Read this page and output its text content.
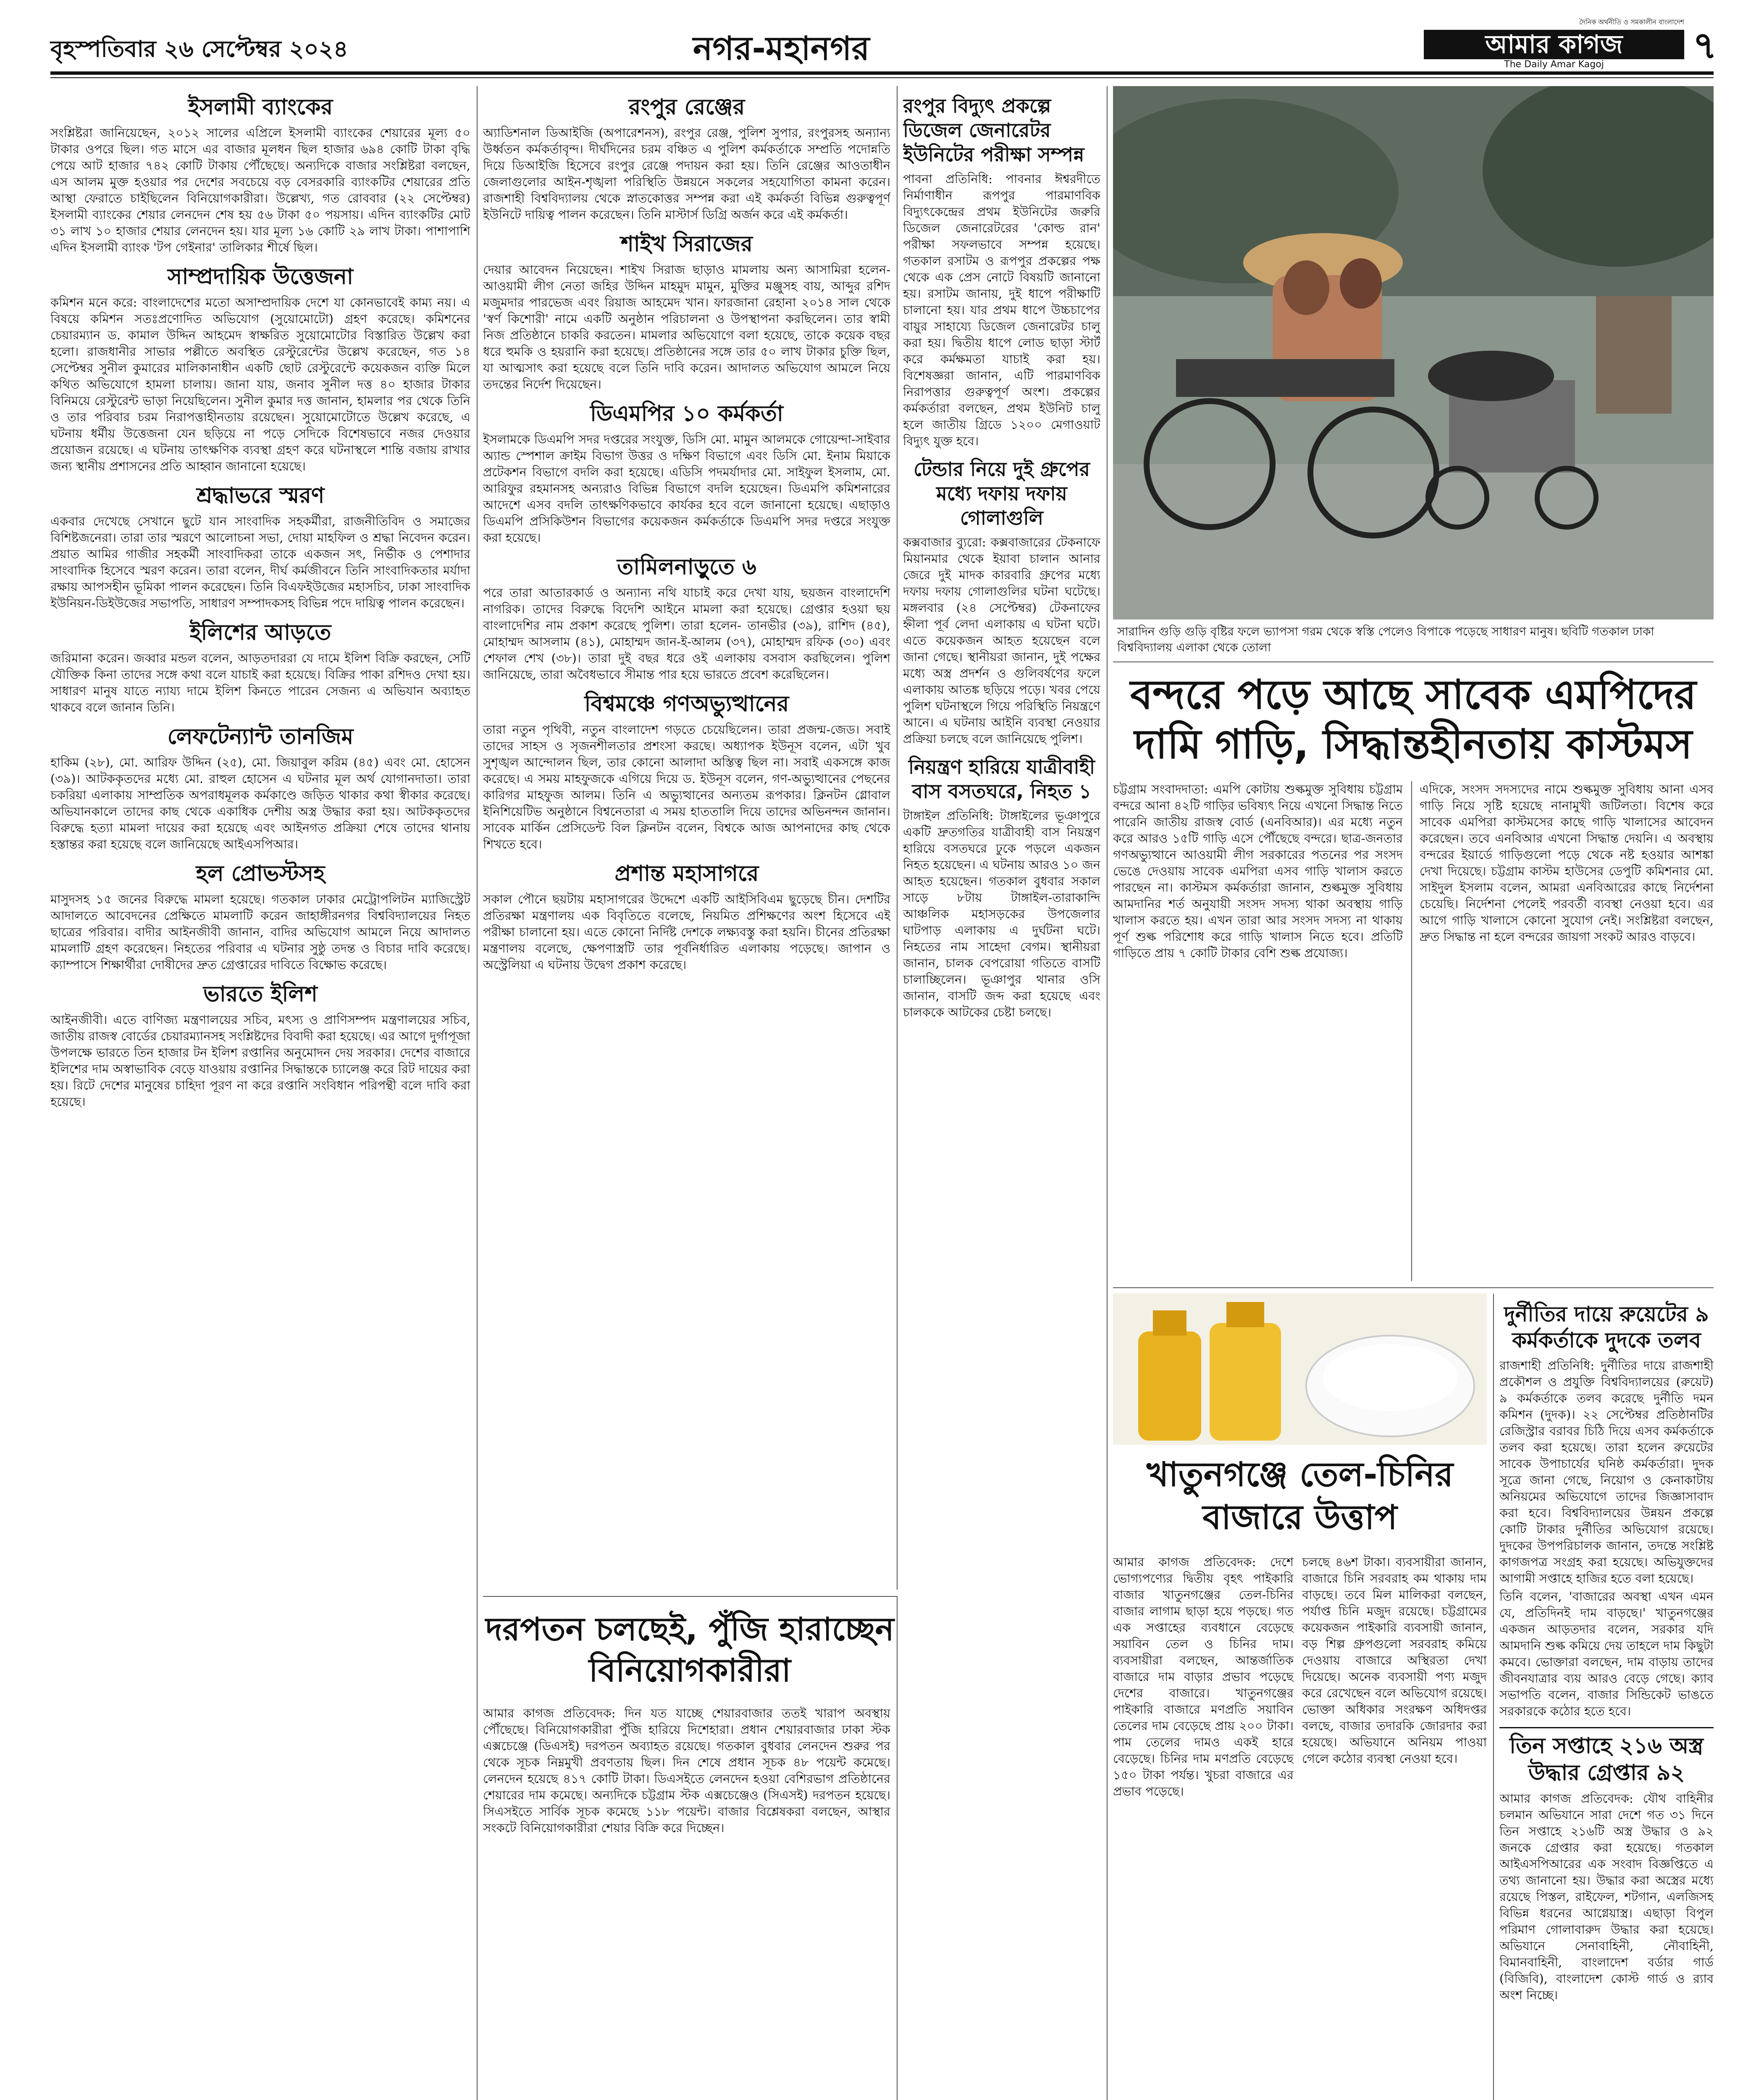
বৃহস্পতিবার ২৬ সেপ্টেম্বর ২০২৪	নগর-মহানগর
দৈনিক অর্থনীতি ও সমকালীন বাংলাদেশ
আমার কাগজ
The Daily Amar Kagoj	৭
ইসলামী ব্যাংকের

সংশ্লিষ্টরা জানিয়েছেন, ২০১২ সালের এপ্রিলে ইসলামী ব্যাংকের শেয়ারের মূল্য ৫০ টাকার ওপরে ছিল। গত মাসে এর বাজার মূলধন ছিল হাজার ৬৯৪ কোটি টাকা বৃদ্ধি পেয়ে আট হাজার ৭৪২ কোটি টাকায় পৌঁছেছে। অন্যদিকে বাজার সংশ্লিষ্টরা বলছেন, এস আলম মুক্ত হওয়ার পর দেশের সবচেয়ে বড় বেসরকারি ব্যাংকটির শেয়ারের প্রতি আস্থা ফেরাতে চাইছিলেন বিনিয়োগকারীরা। উল্লেখ্য, গত রোববার (২২ সেপ্টেম্বর) ইসলামী ব্যাংকের শেয়ার লেনদেন শেষ হয় ৫৬ টাকা ৫০ পয়সায়। এদিন ব্যাংকটির মোট ৩১ লাখ ১০ হাজার শেয়ার লেনদেন হয়। যার মূল্য ১৬ কোটি ২৯ লাখ টাকা। পাশাপাশি এদিন ইসলামী ব্যাংক 'টপ গেইনার' তালিকার শীর্ষে ছিল।

সাম্প্রদায়িক উত্তেজনা

কমিশন মনে করে: বাংলাদেশের মতো অসাম্প্রদায়িক দেশে যা কোনভাবেই কাম্য নয়। এ বিষয়ে কমিশন সতঃপ্রণোদিত অভিযোগ (সুয়োমোটো) গ্রহণ করেছে। কমিশনের চেয়ারম্যান ড. কামাল উদ্দিন আহমেদ স্বাক্ষরিত সুয়োমোটোর বিস্তারিত উল্লেখ করা হলো। রাজধানীর সাভার পল্লীতে অবস্থিত রেস্টুরেন্টের উল্লেখ করেছেন, গত ১৪ সেপ্টেম্বর সুনীল কুমারের মালিকানাধীন একটি ছোট রেস্টুরেন্টে কয়েকজন ব্যক্তি মিলে কথিত অভিযোগে হামলা চালায়। জানা যায়, জনাব সুনীল দত্ত ৪০ হাজার টাকার বিনিময়ে রেস্টুরেন্ট ভাড়া নিয়েছিলেন। সুনীল কুমার দত্ত জানান, হামলার পর থেকে তিনি ও তার পরিবার চরম নিরাপত্তাহীনতায় রয়েছেন। সুয়োমোটোতে উল্লেখ করেছে, এ ঘটনায় ধর্মীয় উত্তেজনা যেন ছড়িয়ে না পড়ে সেদিকে বিশেষভাবে নজর দেওয়ার প্রয়োজন রয়েছে। এ ঘটনায় তাৎক্ষণিক ব্যবস্থা গ্রহণ করে ঘটনাস্থলে শান্তি বজায় রাখার জন্য স্থানীয় প্রশাসনের প্রতি আহ্বান জানানো হয়েছে।

শ্রদ্ধাভরে স্মরণ

একবার দেখেছে সেখানে ছুটে যান সাংবাদিক সহকর্মীরা, রাজনীতিবিদ ও সমাজের বিশিষ্টজনেরা। তারা তার স্মরণে আলোচনা সভা, দোয়া মাহফিল ও শ্রদ্ধা নিবেদন করেন। প্রয়াত আমির গাজীর সহকর্মী সাংবাদিকরা তাকে একজন সৎ, নির্ভীক ও পেশাদার সাংবাদিক হিসেবে স্মরণ করেন। তারা বলেন, দীর্ঘ কর্মজীবনে তিনি সাংবাদিকতার মর্যাদা রক্ষায় আপসহীন ভূমিকা পালন করেছেন। তিনি বিএফইউজের মহাসচিব, ঢাকা সাংবাদিক ইউনিয়ন-ডিইউজের সভাপতি, সাধারণ সম্পাদকসহ বিভিন্ন পদে দায়িত্ব পালন করেছেন।

ইলিশের আড়তে

জরিমানা করেন। জব্বার মন্ডল বলেন, আড়তদাররা যে দামে ইলিশ বিক্রি করছেন, সেটি যৌক্তিক কিনা তাদের সঙ্গে কথা বলে যাচাই করা হয়েছে। বিক্রির পাকা রশিদও দেখা হয়। সাধারণ মানুষ যাতে ন্যায্য দামে ইলিশ কিনতে পারেন সেজন্য এ অভিযান অব্যাহত থাকবে বলে জানান তিনি।

লেফটেন্যান্ট তানজিম

হাকিম (২৮), মো. আরিফ উদ্দিন (২৫), মো. জিয়াবুল করিম (৪৫) এবং মো. হোসেন (৩৯)। আটককৃতদের মধ্যে মো. রাহুল হোসেন এ ঘটনার মূল অর্থ যোগানদাতা। তারা চকরিয়া এলাকায় সাম্প্রতিক অপরাধমূলক কর্মকাণ্ডে জড়িত থাকার কথা স্বীকার করেছে। অভিযানকালে তাদের কাছ থেকে একাধিক দেশীয় অস্ত্র উদ্ধার করা হয়। আটককৃতদের বিরুদ্ধে হত্যা মামলা দায়ের করা হয়েছে এবং আইনগত প্রক্রিয়া শেষে তাদের থানায় হস্তান্তর করা হয়েছে বলে জানিয়েছে আইএসপিআর।

হল প্রোভস্টসহ

মাসুদসহ ১৫ জনের বিরুদ্ধে মামলা হয়েছে। গতকাল ঢাকার মেট্রোপলিটন ম্যাজিস্ট্রেট আদালতে আবেদনের প্রেক্ষিতে মামলাটি করেন জাহাঙ্গীরনগর বিশ্ববিদ্যালয়ের নিহত ছাত্রের পরিবার। বাদীর আইনজীবী জানান, বাদির অভিযোগ আমলে নিয়ে আদালত মামলাটি গ্রহণ করেছেন। নিহতের পরিবার এ ঘটনার সুষ্ঠু তদন্ত ও বিচার দাবি করেছে। ক্যাম্পাসে শিক্ষার্থীরা দোষীদের দ্রুত গ্রেপ্তারের দাবিতে বিক্ষোভ করেছে।

ভারতে ইলিশ

আইনজীবী। এতে বাণিজ্য মন্ত্রণালয়ের সচিব, মৎস্য ও প্রাণিসম্পদ মন্ত্রণালয়ের সচিব, জাতীয় রাজস্ব বোর্ডের চেয়ারম্যানসহ সংশ্লিষ্টদের বিবাদী করা হয়েছে। এর আগে দুর্গাপূজা উপলক্ষে ভারতে তিন হাজার টন ইলিশ রপ্তানির অনুমোদন দেয় সরকার। দেশের বাজারে ইলিশের দাম অস্বাভাবিক বেড়ে যাওয়ায় রপ্তানির সিদ্ধান্তকে চ্যালেঞ্জ করে রিট দায়ের করা হয়। রিটে দেশের মানুষের চাহিদা পূরণ না করে রপ্তানি সংবিধান পরিপন্থী বলে দাবি করা হয়েছে।

রংপুর রেঞ্জের

অ্যাডিশনাল ডিআইজি (অপারেশনস), রংপুর রেঞ্জ, পুলিশ সুপার, রংপুরসহ অন্যান্য উর্ধ্বতন কর্মকর্তাবৃন্দ। দীর্ঘদিনের চরম বঞ্চিত এ পুলিশ কর্মকর্তাকে সম্প্রতি পদোন্নতি দিয়ে ডিআইজি হিসেবে রংপুর রেঞ্জে পদায়ন করা হয়। তিনি রেঞ্জের আওতাধীন জেলাগুলোর আইন-শৃঙ্খলা পরিস্থিতি উন্নয়নে সকলের সহযোগিতা কামনা করেন। রাজশাহী বিশ্ববিদ্যালয় থেকে স্নাতকোত্তর সম্পন্ন করা এই কর্মকর্তা বিভিন্ন গুরুত্বপূর্ণ ইউনিটে দায়িত্ব পালন করেছেন। তিনি মাস্টার্স ডিগ্রি অর্জন করে এই কর্মকর্তা।

শাইখ সিরাজের

দেয়ার আবেদন নিয়েছেন। শাইখ সিরাজ ছাড়াও মামলায় অন্য আসামিরা হলেন- আওয়ামী লীগ নেতা জহির উদ্দিন মাহমুদ মামুন, মুক্তির মঞ্জুসহ বায়, আব্দুর রশিদ মজুমদার পারভেজ এবং রিয়াজ আহমেদ খান। ফারজানা রেহানা ২০১৪ সাল থেকে 'স্বর্ণ কিশোরী' নামে একটি অনুষ্ঠান পরিচালনা ও উপস্থাপনা করছিলেন। তার স্বামী নিজ প্রতিষ্ঠানে চাকরি করতেন। মামলার অভিযোগে বলা হয়েছে, তাকে কয়েক বছর ধরে হুমকি ও হয়রানি করা হয়েছে। প্রতিষ্ঠানের সঙ্গে তার ৫০ লাখ টাকার চুক্তি ছিল, যা আত্মসাৎ করা হয়েছে বলে তিনি দাবি করেন। আদালত অভিযোগ আমলে নিয়ে তদন্তের নির্দেশ দিয়েছেন।

ডিএমপির ১০ কর্মকর্তা

ইসলামকে ডিএমপি সদর দপ্তরের সংযুক্ত, ডিসি মো. মামুন আলমকে গোয়েন্দা-সাইবার অ্যান্ড স্পেশাল ক্রাইম বিভাগ উত্তর ও দক্ষিণ বিভাগে এবং ডিসি মো. ইনাম মিয়াকে প্রটেকশন বিভাগে বদলি করা হয়েছে। এডিসি পদমর্যাদার মো. সাইফুল ইসলাম, মো. আরিফুর রহমানসহ অন্যরাও বিভিন্ন বিভাগে বদলি হয়েছেন। ডিএমপি কমিশনারের আদেশে এসব বদলি তাৎক্ষণিকভাবে কার্যকর হবে বলে জানানো হয়েছে। এছাড়াও ডিএমপি প্রসিকিউশন বিভাগের কয়েকজন কর্মকর্তাকে ডিএমপি সদর দপ্তরে সংযুক্ত করা হয়েছে।

তামিলনাড়ুতে ৬

পরে তারা আতারকার্ড ও অন্যান্য নথি যাচাই করে দেখা যায়, ছয়জন বাংলাদেশি নাগরিক। তাদের বিরুদ্ধে বিদেশি আইনে মামলা করা হয়েছে। গ্রেপ্তার হওয়া ছয় বাংলাদেশির নাম প্রকাশ করেছে পুলিশ। তারা হলেন- তানভীর (৩৯), রাশিদ (৪৫), মোহাম্মদ আসলাম (৪১), মোহাম্মদ জান-ই-আলম (৩৭), মোহাম্মদ রফিক (৩০) এবং শেফাল শেখ (৩৮)। তারা দুই বছর ধরে ওই এলাকায় বসবাস করছিলেন। পুলিশ জানিয়েছে, তারা অবৈধভাবে সীমান্ত পার হয়ে ভারতে প্রবেশ করেছিলেন।

বিশ্বমঞ্চে গণঅভ্যুত্থানের

তারা নতুন পৃথিবী, নতুন বাংলাদেশ গড়তে চেয়েছিলেন। তারা প্রজন্ম-জেড। সবাই তাদের সাহস ও সৃজনশীলতার প্রশংসা করছে। অধ্যাপক ইউনূস বলেন, এটা খুব সুশৃঙ্খল আন্দোলন ছিল, তার কোনো আলাদা অস্তিত্ব ছিল না। সবাই একসঙ্গে কাজ করেছে। এ সময় মাহফুজকে এগিয়ে দিয়ে ড. ইউনূস বলেন, গণ-অভ্যুত্থানের পেছনের কারিগর মাহফুজ আলম। তিনি এ অভ্যুত্থানের অন্যতম রূপকার। ক্লিনটন গ্লোবাল ইনিশিয়েটিভ অনুষ্ঠানে বিশ্বনেতারা এ সময় হাততালি দিয়ে তাদের অভিনন্দন জানান। সাবেক মার্কিন প্রেসিডেন্ট বিল ক্লিনটন বলেন, বিশ্বকে আজ আপনাদের কাছ থেকে শিখতে হবে।

প্রশান্ত মহাসাগরে

সকাল পৌনে ছয়টায় মহাসাগরের উদ্দেশে একটি আইসিবিএম ছুড়েছে চীন। দেশটির প্রতিরক্ষা মন্ত্রণালয় এক বিবৃতিতে বলেছে, নিয়মিত প্রশিক্ষণের অংশ হিসেবে এই পরীক্ষা চালানো হয়। এতে কোনো নির্দিষ্ট দেশকে লক্ষ্যবস্তু করা হয়নি। চীনের প্রতিরক্ষা মন্ত্রণালয় বলেছে, ক্ষেপণাস্ত্রটি তার পূর্বনির্ধারিত এলাকায় পড়েছে। জাপান ও অস্ট্রেলিয়া এ ঘটনায় উদ্বেগ প্রকাশ করেছে।

রংপুর বিদ্যুৎ প্রকল্পে ডিজেল জেনারেটর ইউনিটের পরীক্ষা সম্পন্ন

পাবনা প্রতিনিধি: পাবনার ঈশ্বরদীতে নির্মাণাধীন রূপপুর পারমাণবিক বিদ্যুৎকেন্দ্রের প্রথম ইউনিটের জরুরি ডিজেল জেনারেটরের 'কোল্ড রান' পরীক্ষা সফলভাবে সম্পন্ন হয়েছে। গতকাল রসাটম ও রূপপুর প্রকল্পের পক্ষ থেকে এক প্রেস নোটে বিষয়টি জানানো হয়। রসাটম জানায়, দুই ধাপে পরীক্ষাটি চালানো হয়। যার প্রথম ধাপে উচ্চচাপের বায়ুর সাহায্যে ডিজেল জেনারেটর চালু করা হয়। দ্বিতীয় ধাপে লোড ছাড়া স্টার্ট করে কর্মক্ষমতা যাচাই করা হয়। বিশেষজ্ঞরা জানান, এটি পারমাণবিক নিরাপত্তার গুরুত্বপূর্ণ অংশ। প্রকল্পের কর্মকর্তারা বলছেন, প্রথম ইউনিট চালু হলে জাতীয় গ্রিডে ১২০০ মেগাওয়াট বিদ্যুৎ যুক্ত হবে।

টেন্ডার নিয়ে দুই গ্রুপের মধ্যে দফায় দফায় গোলাগুলি

কক্সবাজার ব্যুরো: কক্সবাজারের টেকনাফে মিয়ানমার থেকে ইয়াবা চালান আনার জেরে দুই মাদক কারবারি গ্রুপের মধ্যে দফায় দফায় গোলাগুলির ঘটনা ঘটেছে। মঙ্গলবার (২৪ সেপ্টেম্বর) টেকনাফের হ্নীলা পূর্ব লেদা এলাকায় এ ঘটনা ঘটে। এতে কয়েকজন আহত হয়েছেন বলে জানা গেছে। স্থানীয়রা জানান, দুই পক্ষের মধ্যে অস্ত্র প্রদর্শন ও গুলিবর্ষণের ফলে এলাকায় আতঙ্ক ছড়িয়ে পড়ে। খবর পেয়ে পুলিশ ঘটনাস্থলে গিয়ে পরিস্থিতি নিয়ন্ত্রণে আনে। এ ঘটনায় আইনি ব্যবস্থা নেওয়ার প্রক্রিয়া চলছে বলে জানিয়েছে পুলিশ।

নিয়ন্ত্রণ হারিয়ে যাত্রীবাহী বাস বসতঘরে, নিহত ১

টাঙ্গাইল প্রতিনিধি: টাঙ্গাইলের ভূঞাপুরে একটি দ্রুতগতির যাত্রীবাহী বাস নিয়ন্ত্রণ হারিয়ে বসতঘরে ঢুকে পড়লে একজন নিহত হয়েছেন। এ ঘটনায় আরও ১০ জন আহত হয়েছেন। গতকাল বুধবার সকাল সাড়ে ৮টায় টাঙ্গাইল-তারাকান্দি আঞ্চলিক মহাসড়কের উপজেলার ঘাটপাড় এলাকায় এ দুর্ঘটনা ঘটে। নিহতের নাম সাহেদা বেগম। স্থানীয়রা জানান, চালক বেপরোয়া গতিতে বাসটি চালাচ্ছিলেন। ভূঞাপুর থানার ওসি জানান, বাসটি জব্দ করা হয়েছে এবং চালককে আটকের চেষ্টা চলছে।

সারাদিন গুড়ি গুড়ি বৃষ্টির ফলে ভ্যাপসা গরম থেকে স্বস্তি পেলেও বিপাকে পড়েছে সাধারণ মানুষ। ছবিটি গতকাল ঢাকা বিশ্ববিদ্যালয় এলাকা থেকে তোলা
বন্দরে পড়ে আছে সাবেক এমপিদের দামি গাড়ি, সিদ্ধান্তহীনতায় কাস্টমস
চট্টগ্রাম সংবাদদাতা: এমপি কোটায় শুল্কমুক্ত সুবিধায় চট্টগ্রাম বন্দরে আনা ৪২টি গাড়ির ভবিষ্যৎ নিয়ে এখনো সিদ্ধান্ত নিতে পারেনি জাতীয় রাজস্ব বোর্ড (এনবিআর)। এর মধ্যে নতুন করে আরও ১৫টি গাড়ি এসে পৌঁছেছে বন্দরে। ছাত্র-জনতার গণঅভ্যুত্থানে আওয়ামী লীগ সরকারের পতনের পর সংসদ ভেঙে দেওয়ায় সাবেক এমপিরা এসব গাড়ি খালাস করতে পারছেন না। কাস্টমস কর্মকর্তারা জানান, শুল্কমুক্ত সুবিধায় আমদানির শর্ত অনুযায়ী সংসদ সদস্য থাকা অবস্থায় গাড়ি খালাস করতে হয়। এখন তারা আর সংসদ সদস্য না থাকায় পূর্ণ শুল্ক পরিশোধ করে গাড়ি খালাস নিতে হবে। প্রতিটি গাড়িতে প্রায় ৭ কোটি টাকার বেশি শুল্ক প্রযোজ্য।
এদিকে, সংসদ সদস্যদের নামে শুল্কমুক্ত সুবিধায় আনা এসব গাড়ি নিয়ে সৃষ্টি হয়েছে নানামুখী জটিলতা। বিশেষ করে সাবেক এমপিরা কাস্টমসের কাছে গাড়ি খালাসের আবেদন করেছেন। তবে এনবিআর এখনো সিদ্ধান্ত দেয়নি। এ অবস্থায় বন্দরের ইয়ার্ডে গাড়িগুলো পড়ে থেকে নষ্ট হওয়ার আশঙ্কা দেখা দিয়েছে। চট্টগ্রাম কাস্টম হাউসের ডেপুটি কমিশনার মো. সাইদুল ইসলাম বলেন, আমরা এনবিআরের কাছে নির্দেশনা চেয়েছি। নির্দেশনা পেলেই পরবর্তী ব্যবস্থা নেওয়া হবে। এর আগে গাড়ি খালাসে কোনো সুযোগ নেই। সংশ্লিষ্টরা বলছেন, দ্রুত সিদ্ধান্ত না হলে বন্দরের জায়গা সংকট আরও বাড়বে।
খাতুনগঞ্জে তেল-চিনির বাজারে উত্তাপ
আমার কাগজ প্রতিবেদক: দেশে ভোগ্যপণ্যের দ্বিতীয় বৃহৎ পাইকারি বাজার খাতুনগঞ্জের তেল-চিনির বাজার লাগাম ছাড়া হয়ে পড়ছে। গত এক সপ্তাহের ব্যবধানে বেড়েছে সয়াবিন তেল ও চিনির দাম। ব্যবসায়ীরা বলছেন, আন্তর্জাতিক বাজারে দাম বাড়ার প্রভাব পড়েছে দেশের বাজারে। খাতুনগঞ্জের পাইকারি বাজারে মণপ্রতি সয়াবিন তেলের দাম বেড়েছে প্রায় ২০০ টাকা। পাম তেলের দামও একই হারে বেড়েছে। চিনির দাম মণপ্রতি বেড়েছে ১৫০ টাকা পর্যন্ত। খুচরা বাজারে এর প্রভাব পড়েছে।
চলছে ৪৬শ টাকা। ব্যবসায়ীরা জানান, বাজারে চিনি সরবরাহ কম থাকায় দাম বাড়ছে। তবে মিল মালিকরা বলছেন, পর্যাপ্ত চিনি মজুদ রয়েছে। চট্টগ্রামের কয়েকজন পাইকারি ব্যবসায়ী জানান, বড় শিল্প গ্রুপগুলো সরবরাহ কমিয়ে দেওয়ায় বাজারে অস্থিরতা দেখা দিয়েছে। অনেক ব্যবসায়ী পণ্য মজুদ করে রেখেছেন বলে অভিযোগ রয়েছে। ভোক্তা অধিকার সংরক্ষণ অধিদপ্তর বলছে, বাজার তদারকি জোরদার করা হয়েছে। অভিযানে অনিয়ম পাওয়া গেলে কঠোর ব্যবস্থা নেওয়া হবে।
দুর্নীতির দায়ে রুয়েটের ৯ কর্মকর্তাকে দুদকে তলব

রাজশাহী প্রতিনিধি: দুর্নীতির দায়ে রাজশাহী প্রকৌশল ও প্রযুক্তি বিশ্ববিদ্যালয়ের (রুয়েট) ৯ কর্মকর্তাকে তলব করেছে দুর্নীতি দমন কমিশন (দুদক)। ২২ সেপ্টেম্বর প্রতিষ্ঠানটির রেজিস্ট্রার বরাবর চিঠি দিয়ে এসব কর্মকর্তাকে তলব করা হয়েছে। তারা হলেন রুয়েটের সাবেক উপাচার্যের ঘনিষ্ঠ কর্মকর্তারা। দুদক সূত্রে জানা গেছে, নিয়োগ ও কেনাকাটায় অনিয়মের অভিযোগে তাদের জিজ্ঞাসাবাদ করা হবে। বিশ্ববিদ্যালয়ের উন্নয়ন প্রকল্পে কোটি টাকার দুর্নীতির অভিযোগ রয়েছে। দুদকের উপপরিচালক জানান, তদন্তে সংশ্লিষ্ট কাগজপত্র সংগ্রহ করা হয়েছে। অভিযুক্তদের আগামী সপ্তাহে হাজির হতে বলা হয়েছে।

তিনি বলেন, 'বাজারের অবস্থা এখন এমন যে, প্রতিদিনই দাম বাড়ছে।' খাতুনগঞ্জের একজন আড়তদার বলেন, সরকার যদি আমদানি শুল্ক কমিয়ে দেয় তাহলে দাম কিছুটা কমবে। ভোক্তারা বলছেন, দাম বাড়ায় তাদের জীবনযাত্রার ব্যয় আরও বেড়ে গেছে। ক্যাব সভাপতি বলেন, বাজার সিন্ডিকেট ভাঙতে সরকারকে কঠোর হতে হবে।

তিন সপ্তাহে ২১৬ অস্ত্র উদ্ধার গ্রেপ্তার ৯২

আমার কাগজ প্রতিবেদক: যৌথ বাহিনীর চলমান অভিযানে সারা দেশে গত ৩১ দিনে তিন সপ্তাহে ২১৬টি অস্ত্র উদ্ধার ও ৯২ জনকে গ্রেপ্তার করা হয়েছে। গতকাল আইএসপিআরের এক সংবাদ বিজ্ঞপ্তিতে এ তথ্য জানানো হয়। উদ্ধার করা অস্ত্রের মধ্যে রয়েছে পিস্তল, রাইফেল, শটগান, এলজিসহ বিভিন্ন ধরনের আগ্নেয়াস্ত্র। এছাড়া বিপুল পরিমাণ গোলাবারুদ উদ্ধার করা হয়েছে। অভিযানে সেনাবাহিনী, নৌবাহিনী, বিমানবাহিনী, বাংলাদেশ বর্ডার গার্ড (বিজিবি), বাংলাদেশ কোস্ট গার্ড ও র‌্যাব অংশ নিচ্ছে।

দরপতন চলছেই, পুঁজি হারাচ্ছেন বিনিয়োগকারীরা
আমার কাগজ প্রতিবেদক: দিন যত যাচ্ছে শেয়ারবাজার ততই খারাপ অবস্থায় পৌঁছেছে। বিনিয়োগকারীরা পুঁজি হারিয়ে দিশেহারা। প্রধান শেয়ারবাজার ঢাকা স্টক এক্সচেঞ্জে (ডিএসই) দরপতন অব্যাহত রয়েছে। গতকাল বুধবার লেনদেন শুরুর পর থেকে সূচক নিম্নমুখী প্রবণতায় ছিল। দিন শেষে প্রধান সূচক ৪৮ পয়েন্ট কমেছে। লেনদেন হয়েছে ৪১৭ কোটি টাকা। ডিএসইতে লেনদেন হওয়া বেশিরভাগ প্রতিষ্ঠানের শেয়ারের দাম কমেছে। অন্যদিকে চট্টগ্রাম স্টক এক্সচেঞ্জেও (সিএসই) দরপতন হয়েছে। সিএসইতে সার্বিক সূচক কমেছে ১১৮ পয়েন্ট। বাজার বিশ্লেষকরা বলছেন, আস্থার সংকটে বিনিয়োগকারীরা শেয়ার বিক্রি করে দিচ্ছেন।
